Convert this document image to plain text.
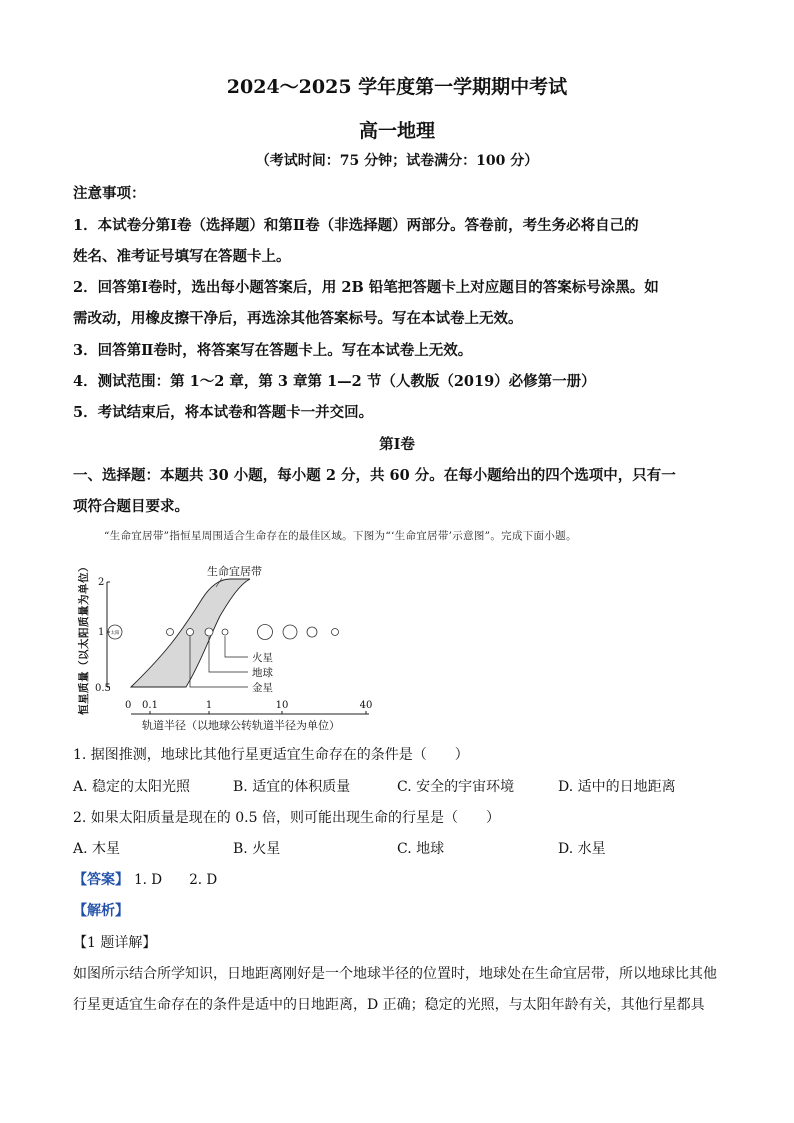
2024～2025 学年度第一学期期中考试
高一地理
（考试时间：75 分钟；试卷满分：100 分）
注意事项：
1．本试卷分第Ⅰ卷（选择题）和第Ⅱ卷（非选择题）两部分。答卷前，考生务必将自己的
姓名、准考证号填写在答题卡上。
2．回答第Ⅰ卷时，选出每小题答案后，用 2B 铅笔把答题卡上对应题目的答案标号涂黑。如
需改动，用橡皮擦干净后，再选涂其他答案标号。写在本试卷上无效。
3．回答第Ⅱ卷时，将答案写在答题卡上。写在本试卷上无效。
4．测试范围：第 1～2 章，第 3 章第 1—2 节（人教版（2019）必修第一册）
5．考试结束后，将本试卷和答题卡一并交回。
第Ⅰ卷
一、选择题：本题共 30 小题，每小题 2 分，共 60 分。在每小题给出的四个选项中，只有一
项符合题目要求。
“生命宜居带”指恒星周围适合生命存在的最佳区域。下图为“‘生命宜居带’示意图”。完成下面小题。
恒星质量（以太阳质量为单位） 2
1
0.5
太阳
生命宜居带
火星
地球
金星
0 0.1	1	10	40
轨道半径（以地球公转轨道半径为单位）
1. 据图推测，地球比其他行星更适宜生命存在的条件是（　　）
A. 稳定的太阳光照	B. 适宜的体积质量	C. 安全的宇宙环境	D. 适中的日地距离
2. 如果太阳质量是现在的 0.5 倍，则可能出现生命的行星是（　　）
A. 木星	B. 火星	C. 地球	D. 水星
【答案】 1. D 2. D
【解析】
【1 题详解】
如图所示结合所学知识，日地距离刚好是一个地球半径的位置时，地球处在生命宜居带，所以地球比其他
行星更适宜生命存在的条件是适中的日地距离，D 正确；稳定的光照，与太阳年龄有关，其他行星都具
